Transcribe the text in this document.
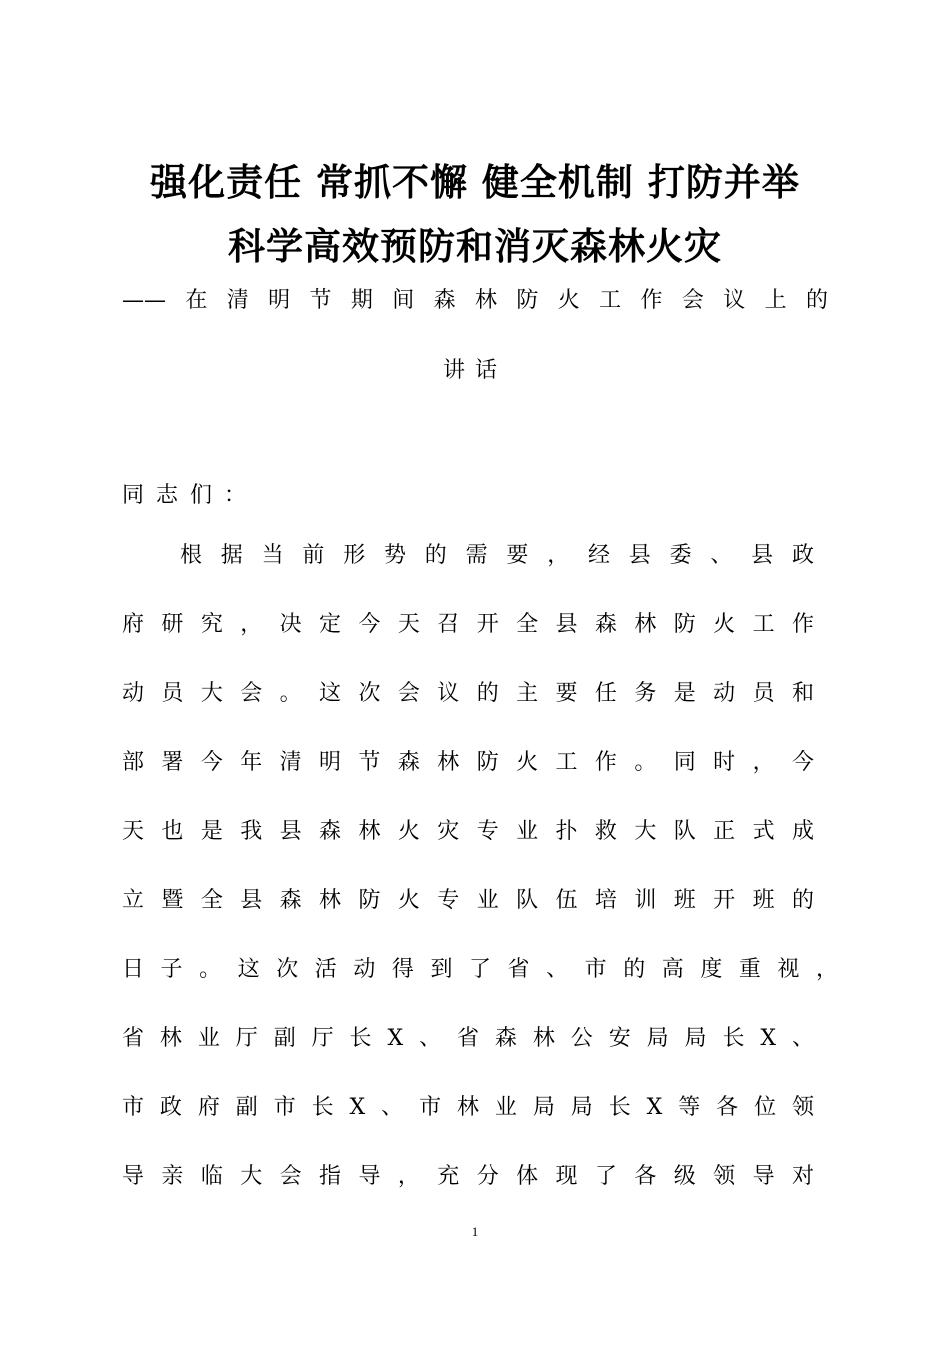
强化责任 常抓不懈 健全机制 打防并举
科学高效预防和消灭森林火灾
——在清明节期间森林防火工作会议上的
讲话
同志们：
根据当前形势的需要，经县委、县政
府研究，决定今天召开全县森林防火工作
动员大会。这次会议的主要任务是动员和
部署今年清明节森林防火工作。同时，今
天也是我县森林火灾专业扑救大队正式成
立暨全县森林防火专业队伍培训班开班的
日子。这次活动得到了省、市的高度重视，
省林业厅副厅长X、省森林公安局局长X、
市政府副市长X、市林业局局长X等各位领
导亲临大会指导，充分体现了各级领导对
1
